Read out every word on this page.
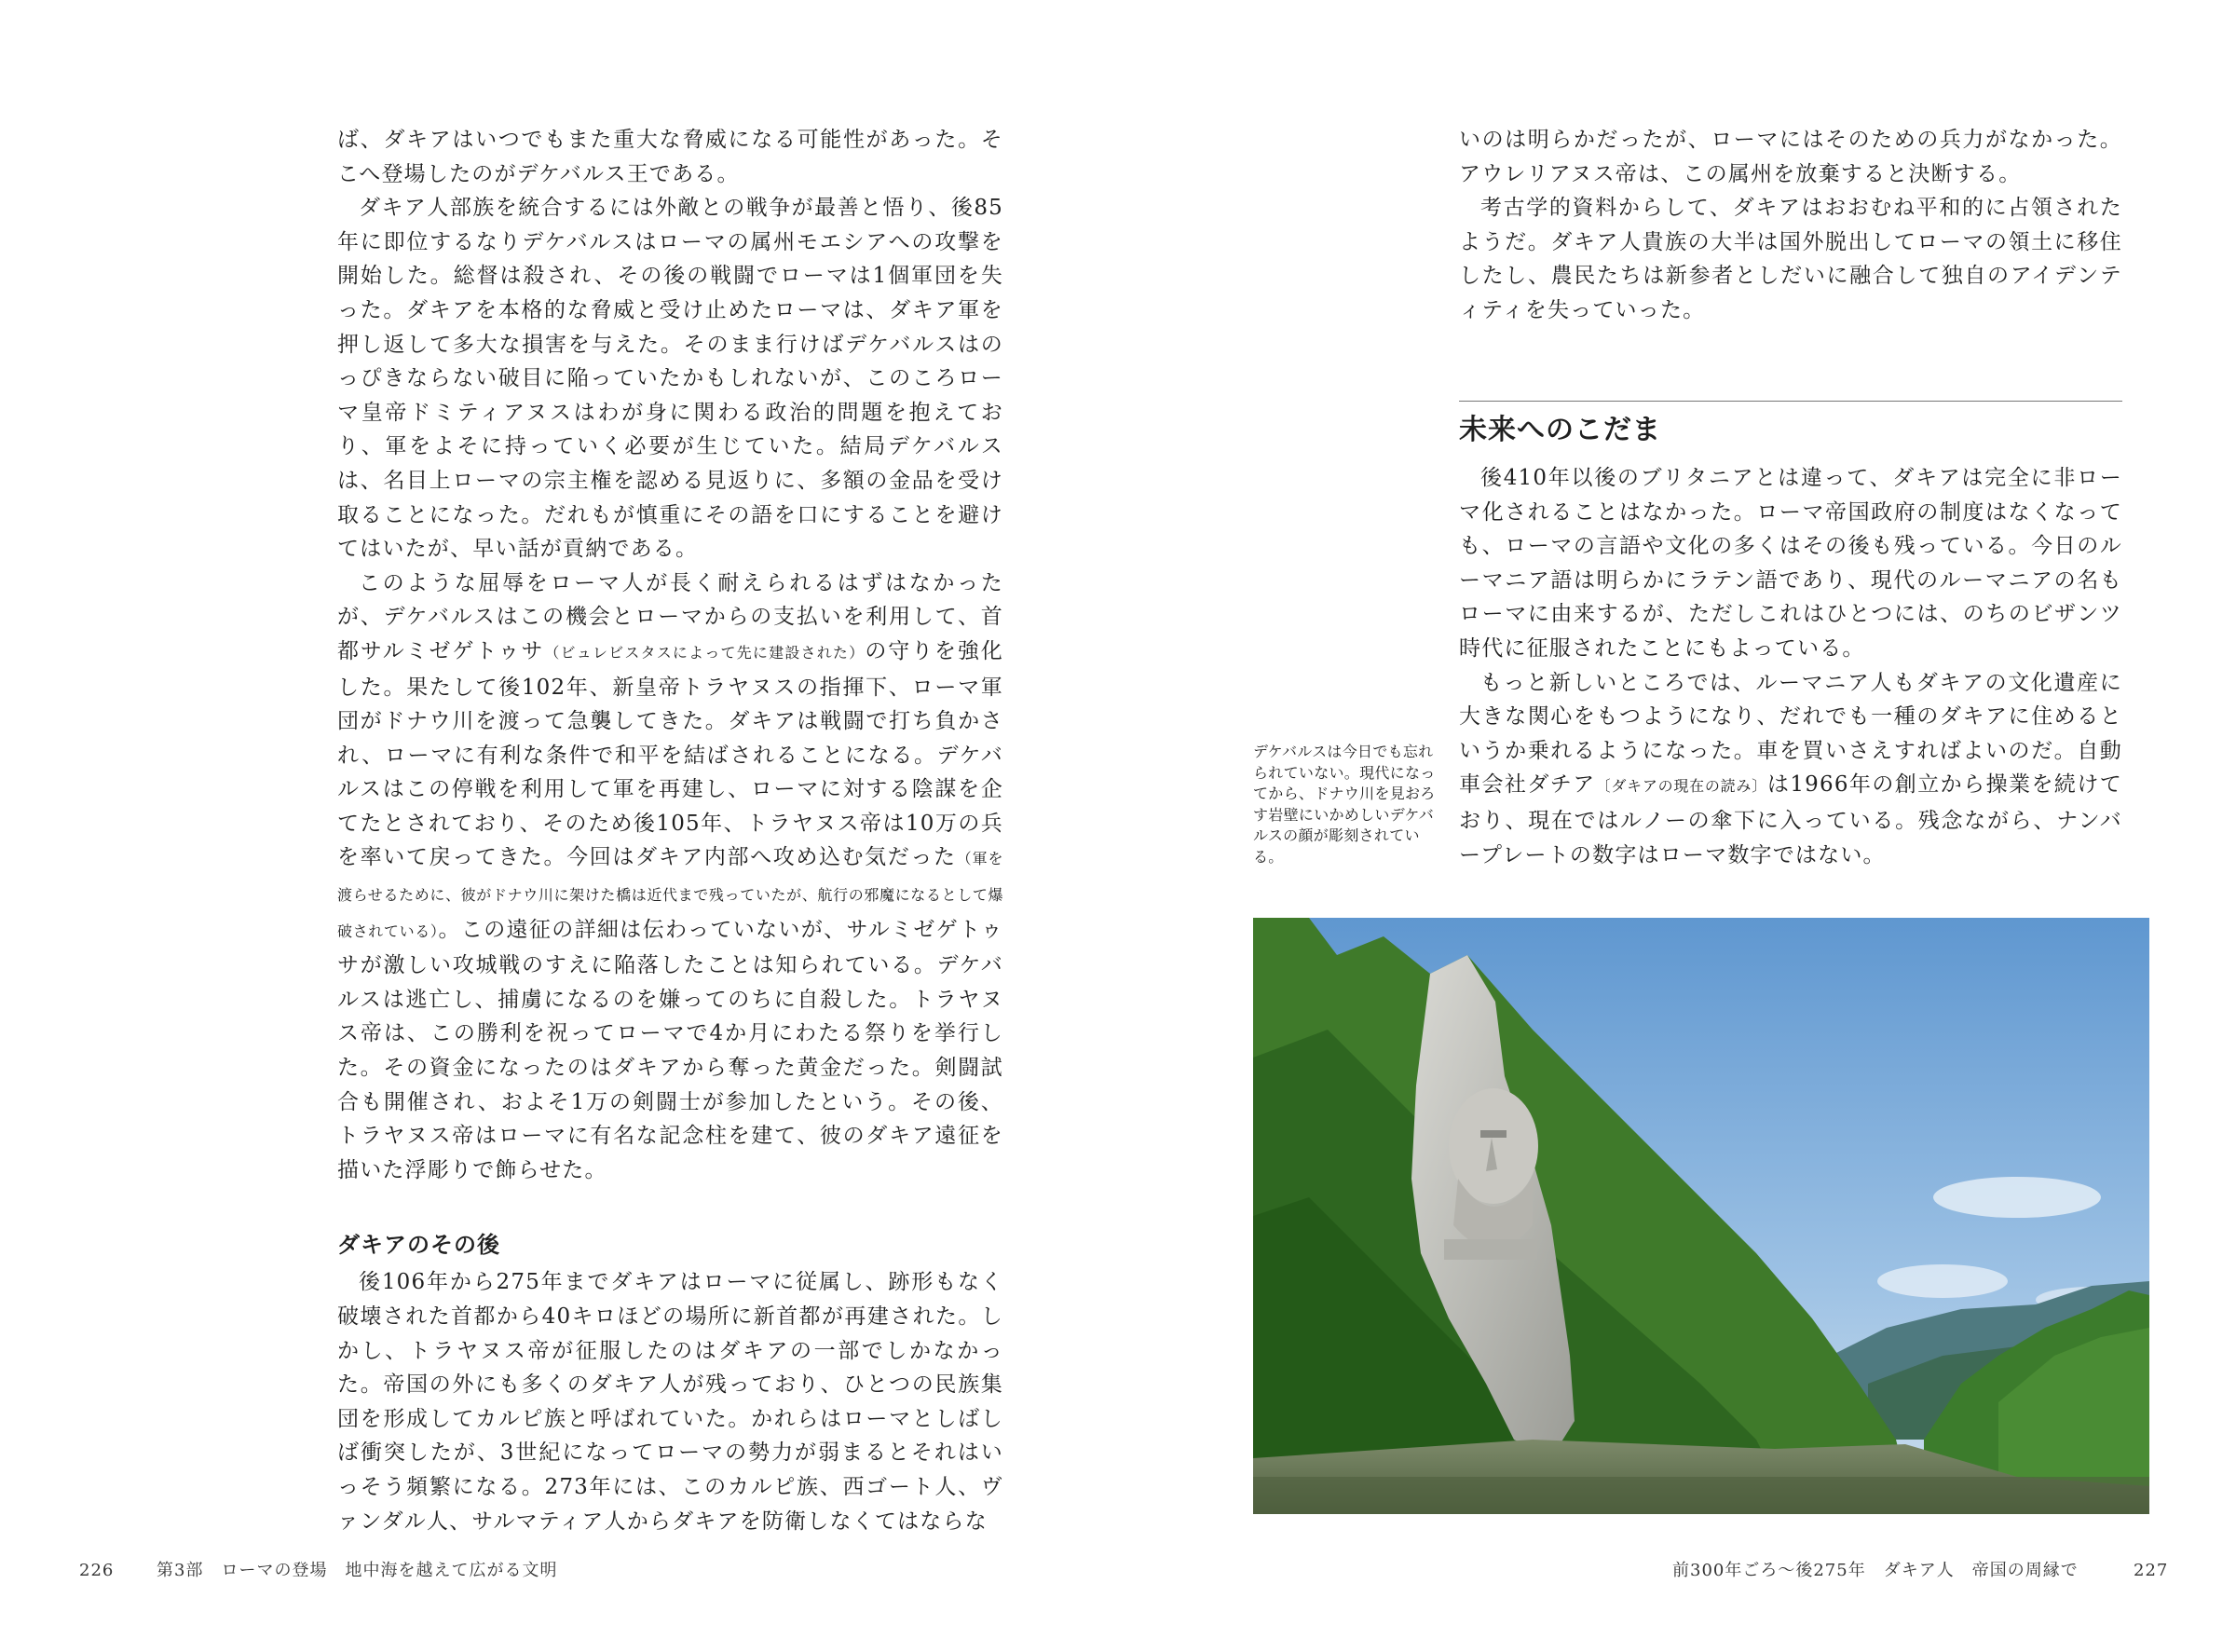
ば、ダキアはいつでもまた重大な脅威になる可能性があった。そこへ登場したのがデケバルス王である。

ダキア人部族を統合するには外敵との戦争が最善と悟り、後85年に即位するなりデケバルスはローマの属州モエシアへの攻撃を開始した。総督は殺され、その後の戦闘でローマは1個軍団を失った。ダキアを本格的な脅威と受け止めたローマは、ダキア軍を押し返して多大な損害を与えた。そのまま行けばデケバルスはのっぴきならない破目に陥っていたかもしれないが、このころローマ皇帝ドミティアヌスはわが身に関わる政治的問題を抱えており、軍をよそに持っていく必要が生じていた。結局デケバルスは、名目上ローマの宗主権を認める見返りに、多額の金品を受け取ることになった。だれもが慎重にその語を口にすることを避けてはいたが、早い話が貢納である。

このような屈辱をローマ人が長く耐えられるはずはなかったが、デケバルスはこの機会とローマからの支払いを利用して、首都サルミゼゲトゥサ（ビュレビスタスによって先に建設された）の守りを強化した。果たして後102年、新皇帝トラヤヌスの指揮下、ローマ軍団がドナウ川を渡って急襲してきた。ダキアは戦闘で打ち負かされ、ローマに有利な条件で和平を結ばされることになる。デケバルスはこの停戦を利用して軍を再建し、ローマに対する陰謀を企てたとされており、そのため後105年、トラヤヌス帝は10万の兵を率いて戻ってきた。今回はダキア内部へ攻め込む気だった（軍を渡らせるために、彼がドナウ川に架けた橋は近代まで残っていたが、航行の邪魔になるとして爆破されている）。この遠征の詳細は伝わっていないが、サルミゼゲトゥサが激しい攻城戦のすえに陥落したことは知られている。デケバルスは逃亡し、捕虜になるのを嫌ってのちに自殺した。トラヤヌス帝は、この勝利を祝ってローマで4か月にわたる祭りを挙行した。その資金になったのはダキアから奪った黄金だった。剣闘試合も開催され、およそ1万の剣闘士が参加したという。その後、トラヤヌス帝はローマに有名な記念柱を建て、彼のダキア遠征を描いた浮彫りで飾らせた。

ダキアのその後

後106年から275年までダキアはローマに従属し、跡形もなく破壊された首都から40キロほどの場所に新首都が再建された。しかし、トラヤヌス帝が征服したのはダキアの一部でしかなかった。帝国の外にも多くのダキア人が残っており、ひとつの民族集団を形成してカルピ族と呼ばれていた。かれらはローマとしばしば衝突したが、3世紀になってローマの勢力が弱まるとそれはいっそう頻繁になる。273年には、このカルピ族、西ゴート人、ヴァンダル人、サルマティア人からダキアを防衛しなくてはならな

いのは明らかだったが、ローマにはそのための兵力がなかった。アウレリアヌス帝は、この属州を放棄すると決断する。

考古学的資料からして、ダキアはおおむね平和的に占領されたようだ。ダキア人貴族の大半は国外脱出してローマの領土に移住したし、農民たちは新参者としだいに融合して独自のアイデンティティを失っていった。

未来へのこだま

後410年以後のブリタニアとは違って、ダキアは完全に非ローマ化されることはなかった。ローマ帝国政府の制度はなくなっても、ローマの言語や文化の多くはその後も残っている。今日のルーマニア語は明らかにラテン語であり、現代のルーマニアの名もローマに由来するが、ただしこれはひとつには、のちのビザンツ時代に征服されたことにもよっている。

もっと新しいところでは、ルーマニア人もダキアの文化遺産に大きな関心をもつようになり、だれでも一種のダキアに住めるというか乗れるようになった。車を買いさえすればよいのだ。自動車会社ダチア〔ダキアの現在の読み〕は1966年の創立から操業を続けており、現在ではルノーの傘下に入っている。残念ながら、ナンバープレートの数字はローマ数字ではない。

デケバルスは今日でも忘れられていない。現代になってから、ドナウ川を見おろす岩壁にいかめしいデケバルスの顔が彫刻されている。
226	第3部　ローマの登場　地中海を越えて広がる文明	前300年ごろ〜後275年　ダキア人　帝国の周縁で	227
